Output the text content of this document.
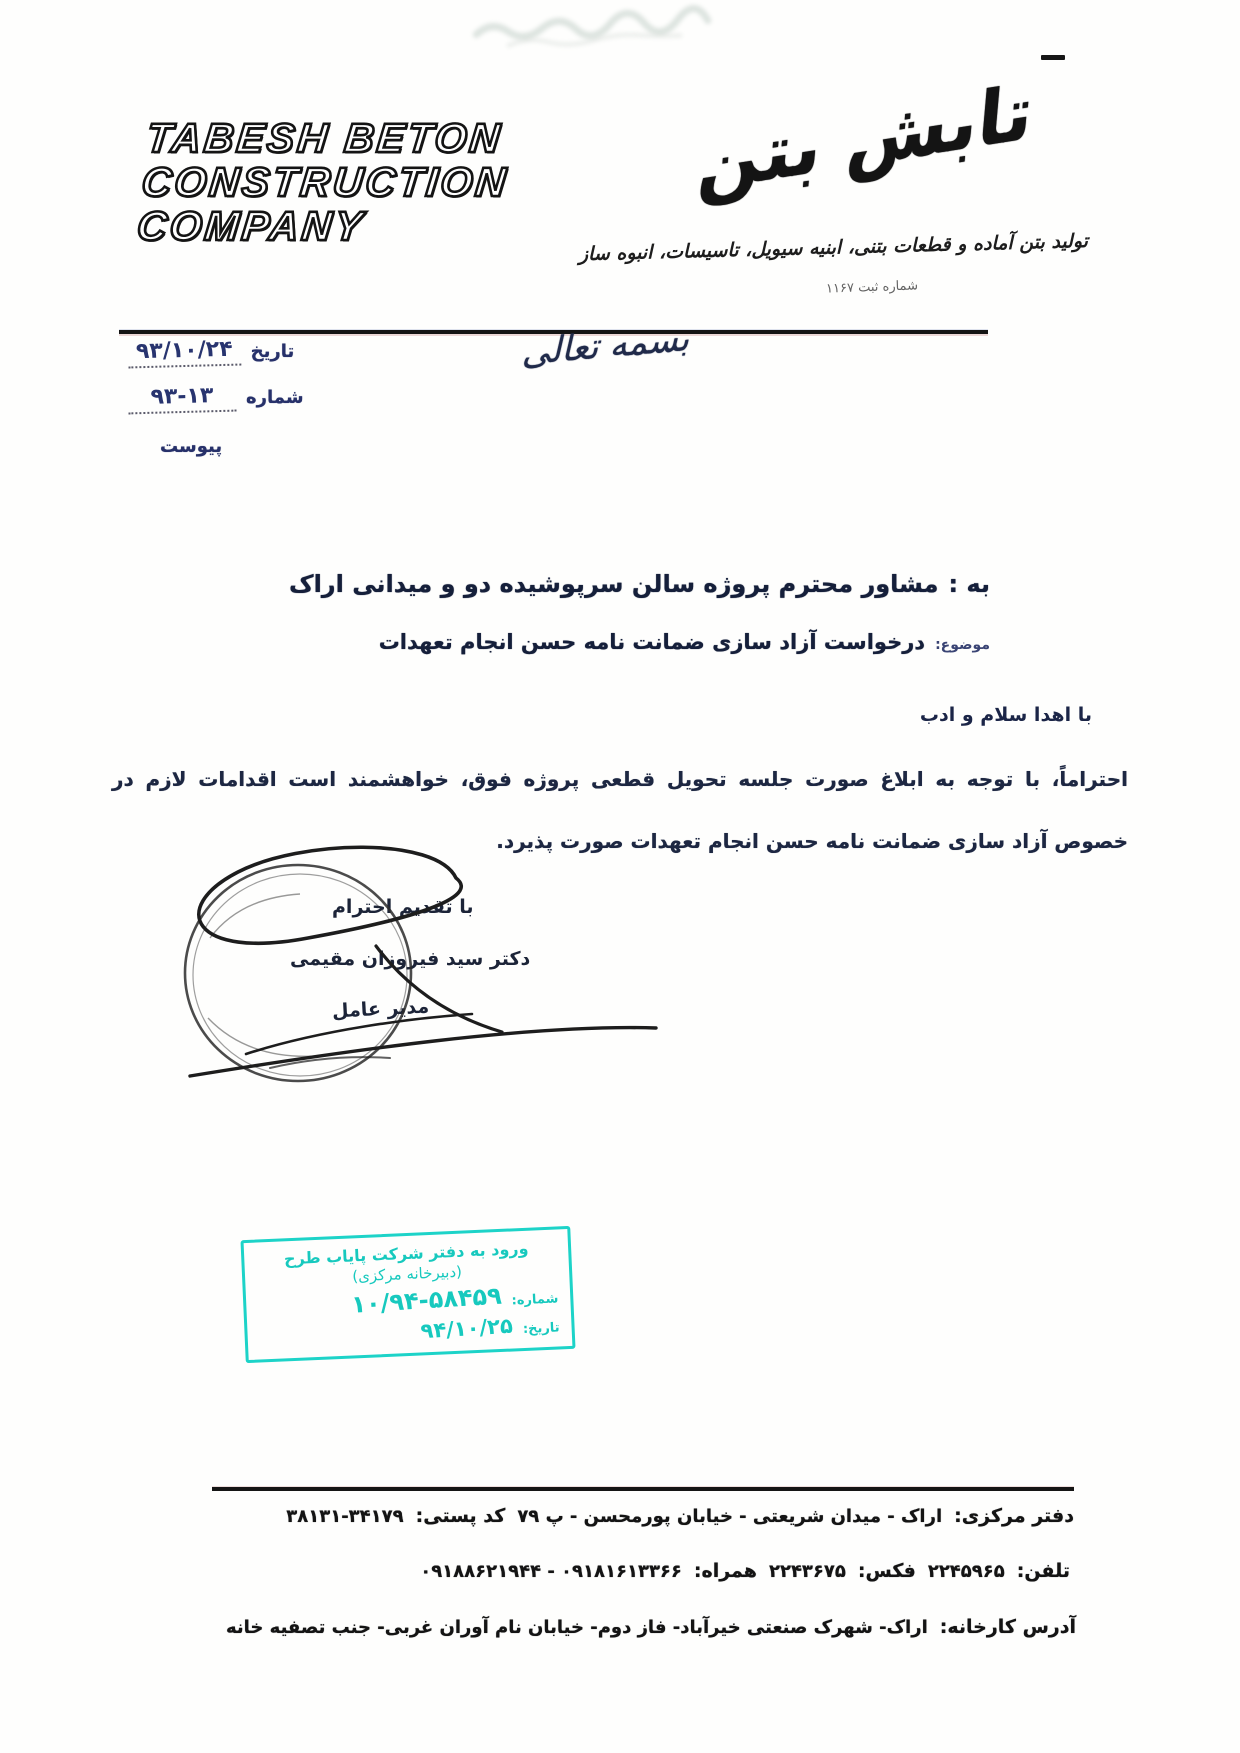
TABESH BETON
CONSTRUCTION
COMPANY
تابش بتن
تولید بتن آماده و قطعات بتنی، ابنیه سیویل، تاسیسات، انبوه ساز
شماره ثبت ۱۱۶۷
تاریخ
۹۳/۱۰/۲۴
شماره
۹۳-۱۳
پیوست
بسمه تعالی
به :مشاور محترم پروژه سالن سرپوشیده دو و میدانی اراک
موضوع:
درخواست آزاد سازی ضمانت نامه حسن انجام تعهدات
با اهدا سلام و ادب
احتراماً، با توجه به ابلاغ صورت جلسه تحویل قطعی پروژه فوق، خواهشمند است اقدامات لازم در خصوص آزاد سازی ضمانت نامه حسن انجام تعهدات صورت پذیرد.
با تقدیم احترام
دکتر سید فیروزان مقیمی
مدیر عامل
ورود به دفتر شرکت پایاب طرح
(دبیرخانه مرکزی)
شماره:
۱۰/۹۴-۵۸۴۵۹
تاریخ:
۹۴/۱۰/۲۵
دفتر مرکزی:
اراک - میدان شریعتی - خیابان پورمحسن - پ ۷۹
کد پستی:
۳۸۱۳۱-۳۴۱۷۹
تلفن:
۲۲۴۵۹۶۵
فکس:
۲۲۴۳۶۷۵
همراه:
۰۹۱۸۸۶۲۱۹۴۴ - ۰۹۱۸۱۶۱۳۳۶۶
آدرس کارخانه:
اراک- شهرک صنعتی خیرآباد- فاز دوم- خیابان نام آوران غربی- جنب تصفیه خانه
